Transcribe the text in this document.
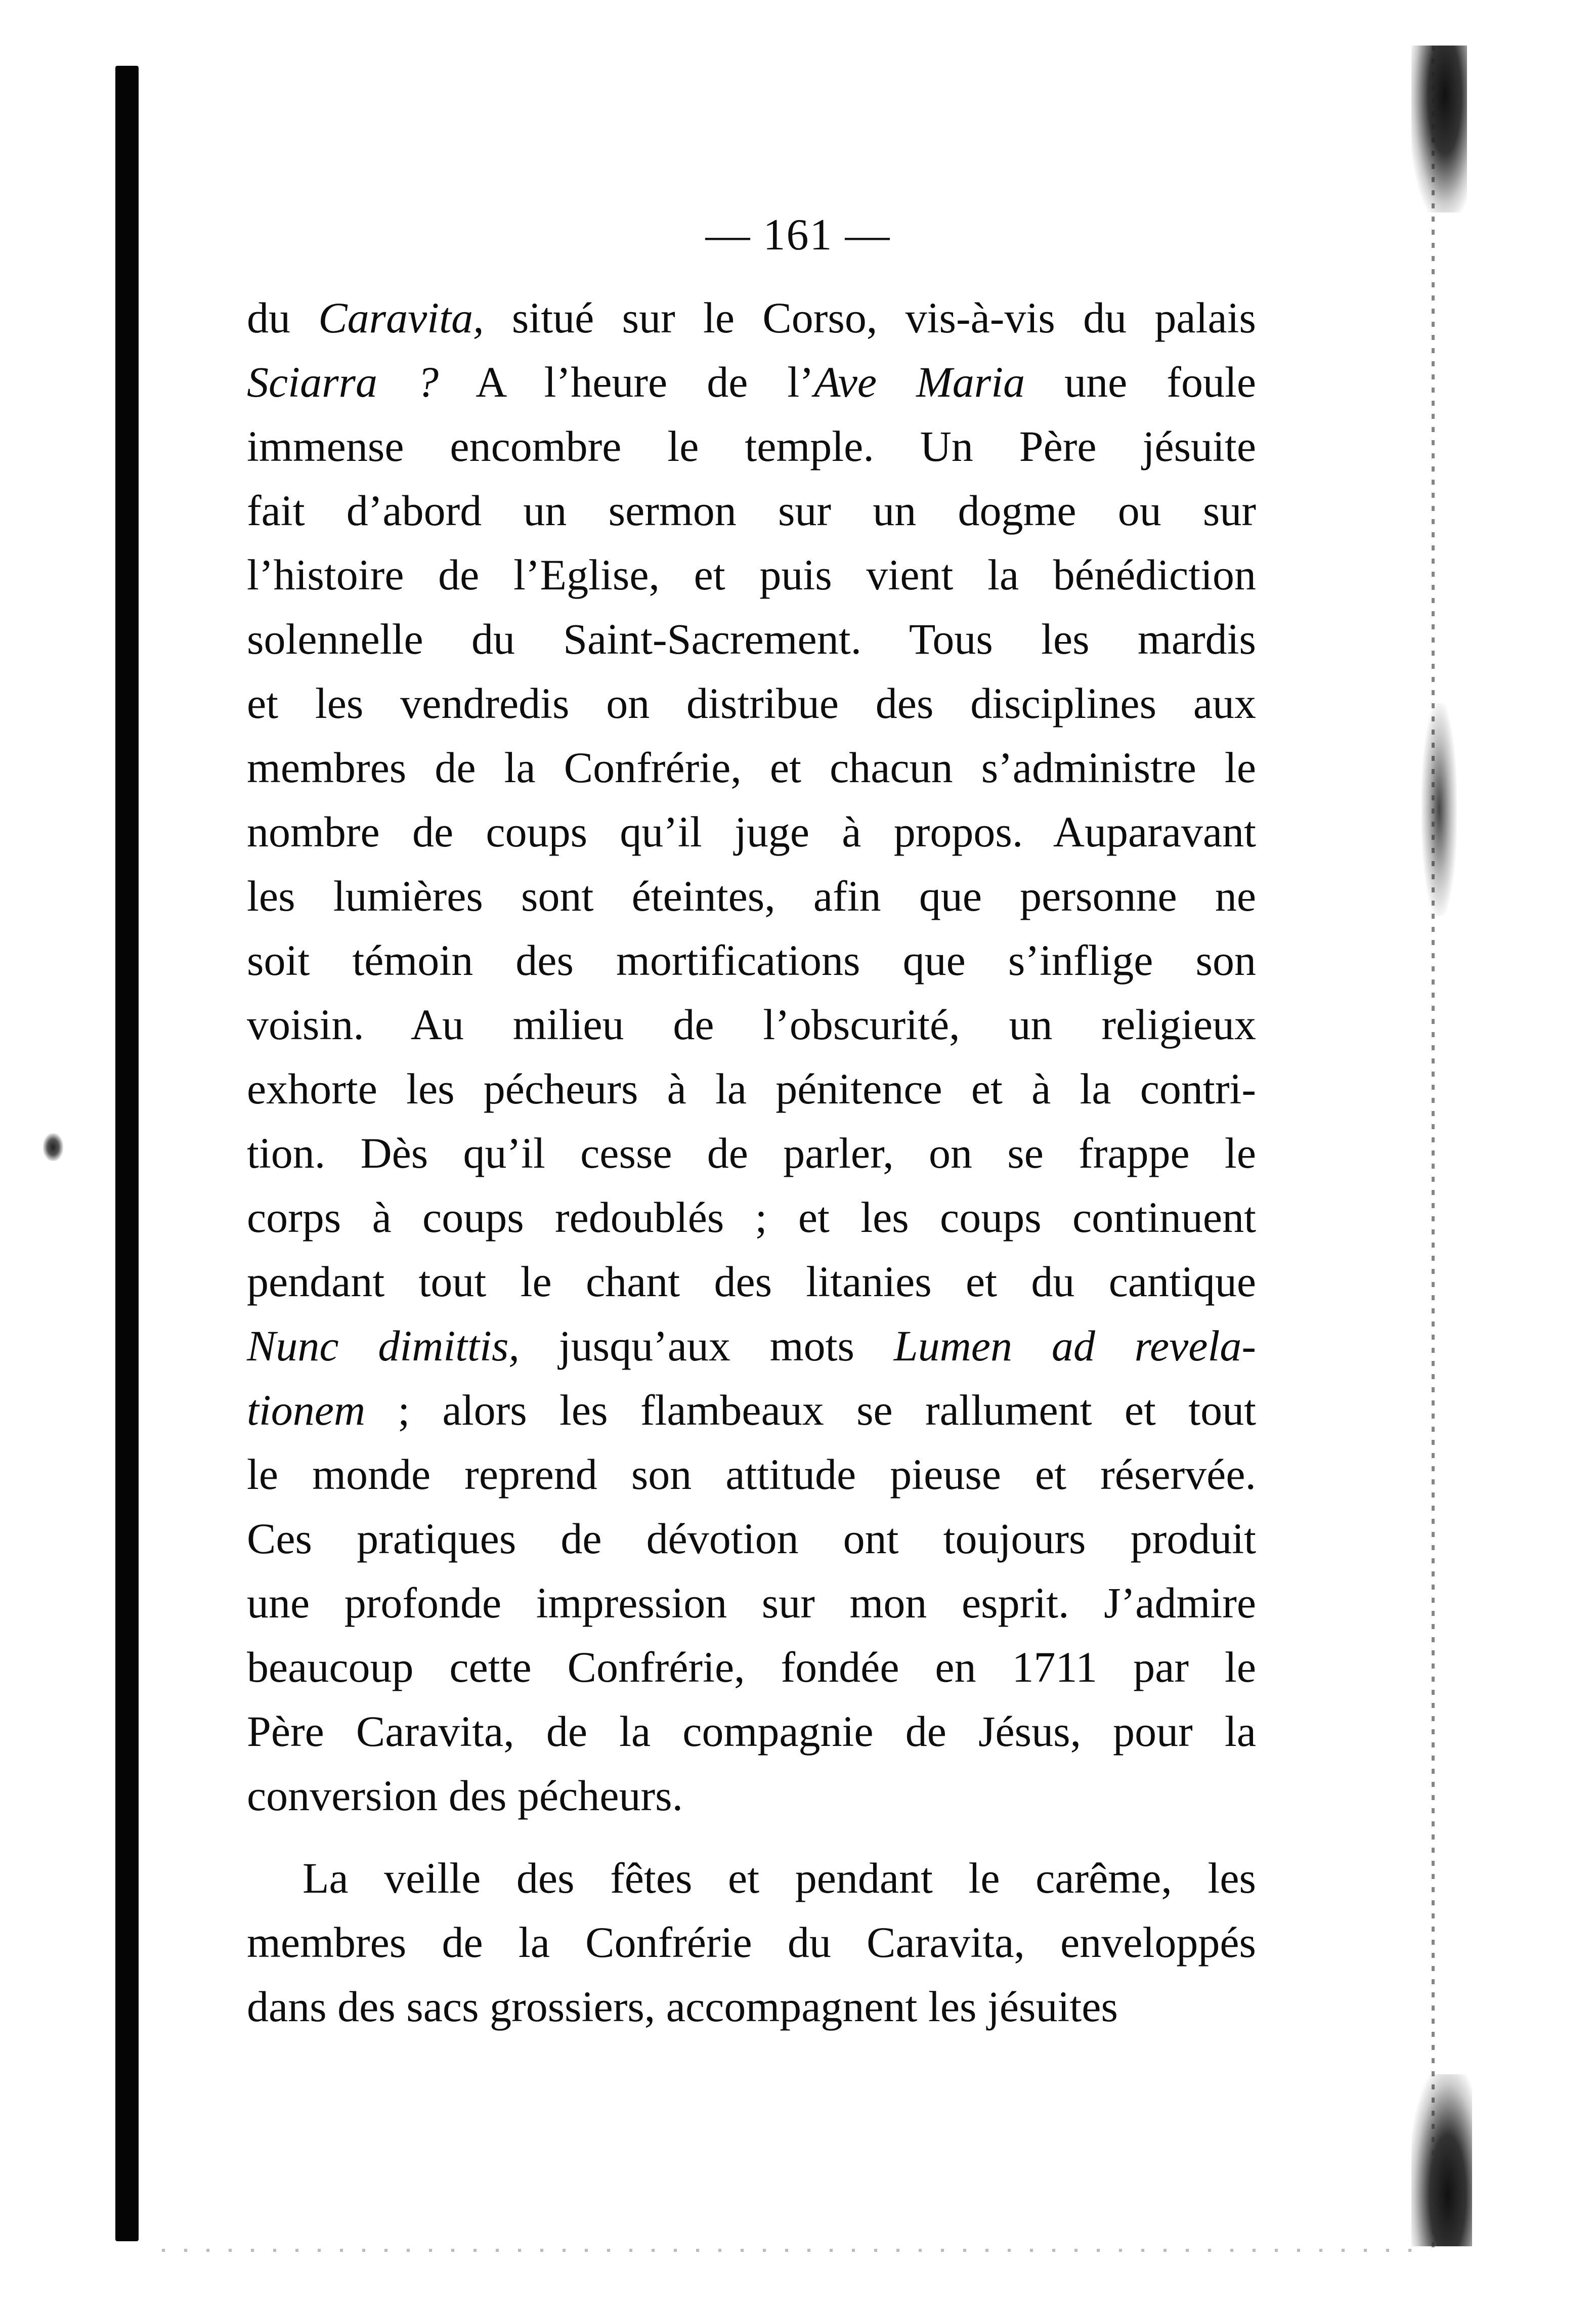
— 161 —
du Caravita, situé sur le Corso, vis-à-vis du palais
Sciarra ? A l’heure de l’Ave Maria une foule
immense encombre le temple. Un Père jésuite
fait d’abord un sermon sur un dogme ou sur
l’histoire de l’Eglise, et puis vient la bénédiction
solennelle du Saint-Sacrement. Tous les mardis
et les vendredis on distribue des disciplines aux
membres de la Confrérie, et chacun s’administre le
nombre de coups qu’il juge à propos. Auparavant
les lumières sont éteintes, afin que personne ne
soit témoin des mortifications que s’inflige son
voisin. Au milieu de l’obscurité, un religieux
exhorte les pécheurs à la pénitence et à la contri-
tion. Dès qu’il cesse de parler, on se frappe le
corps à coups redoublés ; et les coups continuent
pendant tout le chant des litanies et du cantique
Nunc dimittis, jusqu’aux mots Lumen ad revela-
tionem ; alors les flambeaux se rallument et tout
le monde reprend son attitude pieuse et réservée.
Ces pratiques de dévotion ont toujours produit
une profonde impression sur mon esprit. J’admire
beaucoup cette Confrérie, fondée en 1711 par le
Père Caravita, de la compagnie de Jésus, pour la
conversion des pécheurs.
La veille des fêtes et pendant le carême, les
membres de la Confrérie du Caravita, enveloppés
dans des sacs grossiers, accompagnent les jésuites
